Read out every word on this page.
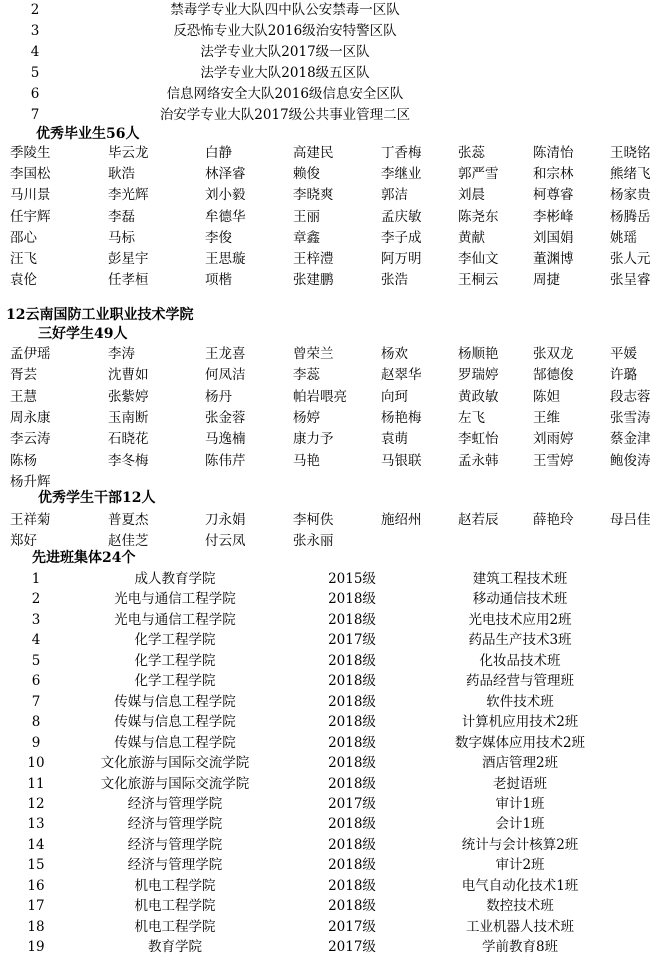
2	禁毒学专业大队四中队公安禁毒一区队
3	反恐怖专业大队2016级治安特警区队
4	法学专业大队2017级一区队
5	法学专业大队2018级五区队
6	信息网络安全大队2016级信息安全区队
7	治安学专业大队2017级公共事业管理二区
优秀毕业生56人
季陵生	毕云龙	白静	高建民	丁香梅	张蕊	陈清怡	王晓铭
李国松	耿浩	林泽睿	赖俊	李继业	郭严雪	和宗林	熊绪飞
马川景	李光辉	刘小毅	李晓爽	郭洁	刘晨	柯尊睿	杨家贵
任宇辉	李磊	牟德华	王丽	孟庆敏	陈尧东	李彬峰	杨腾岳
邵心	马标	李俊	章鑫	李子成	黄献	刘国娟	姚瑶
汪飞	彭星宇	王思璇	王梓澧	阿万明	李仙文	董渊博	张人元
袁伦	任孝桓	项楷	张建鹏	张浩	王桐云	周捷	张呈睿
12云南国防工业职业技术学院
三好学生49人
孟伊瑶	李涛	王龙喜	曾荣兰	杨欢	杨顺艳	张双龙	平媛
胥芸	沈曹如	何凤洁	李蕊	赵翠华	罗瑞婷	郜德俊	许璐
王慧	张紫婷	杨丹	帕岩喂亮	向珂	黄政敏	陈妲	段志蓉
周永康	玉南断	张金蓉	杨婷	杨艳梅	左飞	王维	张雪涛
李云涛	石晓花	马逸楠	康力予	袁萌	李虹怡	刘雨婷	蔡金津
陈杨	李冬梅	陈伟芹	马艳	马银联	孟永韩	王雪婷	鲍俊涛
杨升辉
优秀学生干部12人
王祥菊	普夏杰	刀永娟	李柯佚	施绍州	赵若辰	薛艳玲	母吕佳
郑好	赵佳芝	付云凤	张永丽
先进班集体24个
1	成人教育学院	2015级	建筑工程技术班
2	光电与通信工程学院	2018级	移动通信技术班
3	光电与通信工程学院	2018级	光电技术应用2班
4	化学工程学院	2017级	药品生产技术3班
5	化学工程学院	2018级	化妆品技术班
6	化学工程学院	2018级	药品经营与管理班
7	传媒与信息工程学院	2018级	软件技术班
8	传媒与信息工程学院	2018级	计算机应用技术2班
9	传媒与信息工程学院	2018级	数字媒体应用技术2班
10	文化旅游与国际交流学院	2018级	酒店管理2班
11	文化旅游与国际交流学院	2018级	老挝语班
12	经济与管理学院	2017级	审计1班
13	经济与管理学院	2018级	会计1班
14	经济与管理学院	2018级	统计与会计核算2班
15	经济与管理学院	2018级	审计2班
16	机电工程学院	2018级	电气自动化技术1班
17	机电工程学院	2018级	数控技术班
18	机电工程学院	2017级	工业机器人技术班
19	教育学院	2017级	学前教育8班
